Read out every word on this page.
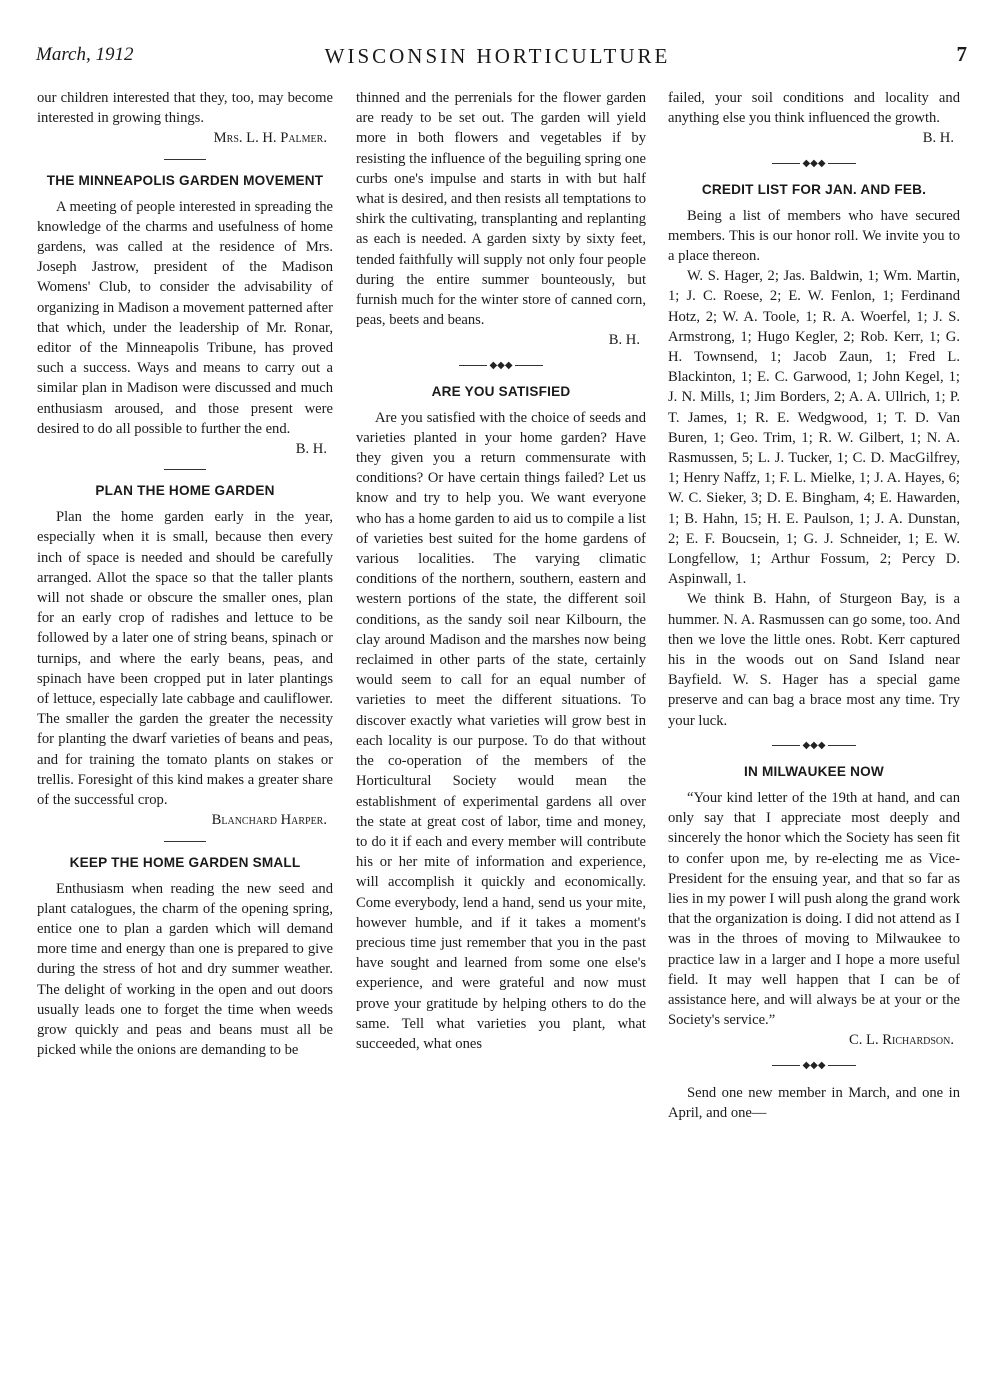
March, 1912	WISCONSIN HORTICULTURE	7

our children interested that they, too, may become interested in growing things.

Mrs. L. H. Palmer.
THE MINNEAPOLIS GARDEN MOVEMENT

A meeting of people interested in spreading the knowledge of the charms and usefulness of home gardens, was called at the residence of Mrs. Joseph Jastrow, president of the Madison Womens' Club, to consider the advisability of organizing in Madison a movement patterned after that which, under the leadership of Mr. Ronar, editor of the Minneapolis Tribune, has proved such a success. Ways and means to carry out a similar plan in Madison were discussed and much enthusiasm aroused, and those present were desired to do all possible to further the end.

B. H.
PLAN THE HOME GARDEN

Plan the home garden early in the year, especially when it is small, because then every inch of space is needed and should be carefully arranged. Allot the space so that the taller plants will not shade or obscure the smaller ones, plan for an early crop of radishes and lettuce to be followed by a later one of string beans, spinach or turnips, and where the early beans, peas, and spinach have been cropped put in later plantings of lettuce, especially late cabbage and cauliflower. The smaller the garden the greater the necessity for planting the dwarf varieties of beans and peas, and for training the tomato plants on stakes or trellis. Foresight of this kind makes a greater share of the successful crop.

Blanchard Harper.
KEEP THE HOME GARDEN SMALL

Enthusiasm when reading the new seed and plant catalogues, the charm of the opening spring, entice one to plan a garden which will demand more time and energy than one is prepared to give during the stress of hot and dry summer weather. The delight of working in the open and out doors usually leads one to forget the time when weeds grow quickly and peas and beans must all be picked while the onions are demanding to be

thinned and the perrenials for the flower garden are ready to be set out. The garden will yield more in both flowers and vegetables if by resisting the influence of the beguiling spring one curbs one's impulse and starts in with but half what is desired, and then resists all temptations to shirk the cultivating, transplanting and replanting as each is needed. A garden sixty by sixty feet, tended faithfully will supply not only four people during the entire summer bounteously, but furnish much for the winter store of canned corn, peas, beets and beans.

B. H.
◆◆◆
ARE YOU SATISFIED

Are you satisfied with the choice of seeds and varieties planted in your home garden? Have they given you a return commensurate with conditions? Or have certain things failed? Let us know and try to help you. We want everyone who has a home garden to aid us to compile a list of varieties best suited for the home gardens of various localities. The varying climatic conditions of the northern, southern, eastern and western portions of the state, the different soil conditions, as the sandy soil near Kilbourn, the clay around Madison and the marshes now being reclaimed in other parts of the state, certainly would seem to call for an equal number of varieties to meet the different situations. To discover exactly what varieties will grow best in each locality is our purpose. To do that without the co-operation of the members of the Horticultural Society would mean the establishment of experimental gardens all over the state at great cost of labor, time and money, to do it if each and every member will contribute his or her mite of information and experience, will accomplish it quickly and economically. Come everybody, lend a hand, send us your mite, however humble, and if it takes a moment's precious time just remember that you in the past have sought and learned from some one else's experience, and were grateful and now must prove your gratitude by helping others to do the same. Tell what varieties you plant, what succeeded, what ones

failed, your soil conditions and locality and anything else you think influenced the growth.

B. H.
◆◆◆
CREDIT LIST FOR JAN. AND FEB.

Being a list of members who have secured members. This is our honor roll. We invite you to a place thereon.

W. S. Hager, 2; Jas. Baldwin, 1; Wm. Martin, 1; J. C. Roese, 2; E. W. Fenlon, 1; Ferdinand Hotz, 2; W. A. Toole, 1; R. A. Woerfel, 1; J. S. Armstrong, 1; Hugo Kegler, 2; Rob. Kerr, 1; G. H. Townsend, 1; Jacob Zaun, 1; Fred L. Blackinton, 1; E. C. Garwood, 1; John Kegel, 1; J. N. Mills, 1; Jim Borders, 2; A. A. Ullrich, 1; P. T. James, 1; R. E. Wedgwood, 1; T. D. Van Buren, 1; Geo. Trim, 1; R. W. Gilbert, 1; N. A. Rasmussen, 5; L. J. Tucker, 1; C. D. MacGilfrey, 1; Henry Naffz, 1; F. L. Mielke, 1; J. A. Hayes, 6; W. C. Sieker, 3; D. E. Bingham, 4; E. Hawarden, 1; B. Hahn, 15; H. E. Paulson, 1; J. A. Dunstan, 2; E. F. Boucsein, 1; G. J. Schneider, 1; E. W. Longfellow, 1; Arthur Fossum, 2; Percy D. Aspinwall, 1.

We think B. Hahn, of Sturgeon Bay, is a hummer. N. A. Rasmussen can go some, too. And then we love the little ones. Robt. Kerr captured his in the woods out on Sand Island near Bayfield. W. S. Hager has a special game preserve and can bag a brace most any time. Try your luck.

◆◆◆
IN MILWAUKEE NOW

“Your kind letter of the 19th at hand, and can only say that I appreciate most deeply and sincerely the honor which the Society has seen fit to confer upon me, by re-electing me as Vice-President for the ensuing year, and that so far as lies in my power I will push along the grand work that the organization is doing. I did not attend as I was in the throes of moving to Milwaukee to practice law in a larger and I hope a more useful field. It may well happen that I can be of assistance here, and will always be at your or the Society's service.”

C. L. Richardson.
◆◆◆

Send one new member in March, and one in April, and one—
